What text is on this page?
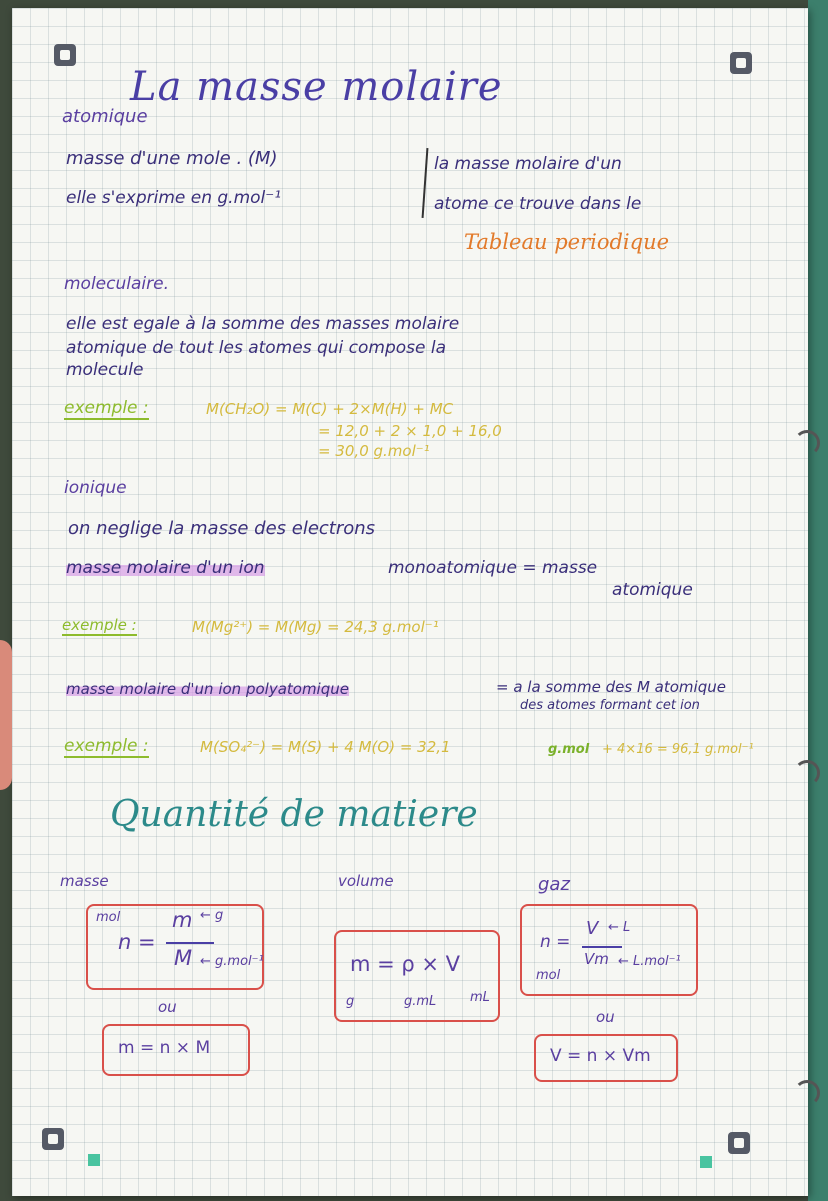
La masse molaire
atomique
masse d'une mole . (M)
elle s'exprime en g.mol⁻¹
la masse molaire d'un
atome ce trouve dans le
Tableau periodique
moleculaire.
elle est egale à la somme des masses molaire
atomique de tout les atomes qui compose la
molecule
exemple :	M(CH₂O) = M(C) + 2×M(H) + MC
= 12,0 + 2 × 1,0 + 16,0
= 30,0 g.mol⁻¹
ionique
on neglige la masse des electrons
masse molaire d'un ion	monoatomique = masse
atomique
exemple :	M(Mg²⁺) = M(Mg) = 24,3 g.mol⁻¹
masse molaire d'un ion polyatomique	= a la somme des M atomique
des atomes formant cet ion
exemple :	M(SO₄²⁻) = M(S) + 4 M(O) = 32,1	g.mol + 4×16 = 96,1 g.mol⁻¹
Quantité de matiere
masse	volume	gaz
mol
n =
m ← g
M ← g.mol⁻¹
ou
m = n × M
m = ρ × V
g	g.mL	mL
n =
mol
V ← L
Vm ← L.mol⁻¹
ou
V = n × Vm
